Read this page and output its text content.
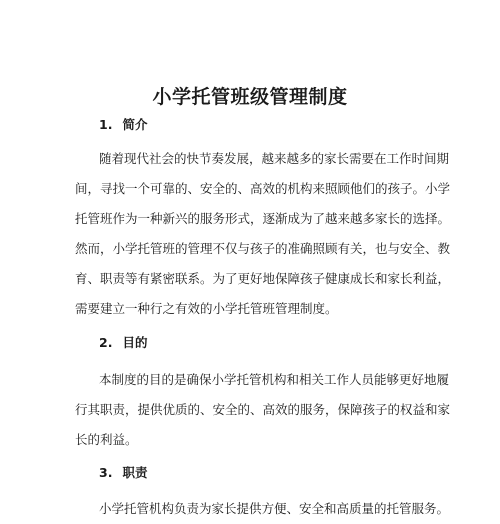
小学托管班级管理制度
1. 简介
随着现代社会的快节奏发展，越来越多的家长需要在工作时间期
间，寻找一个可靠的、安全的、高效的机构来照顾他们的孩子。小学
托管班作为一种新兴的服务形式，逐渐成为了越来越多家长的选择。
然而，小学托管班的管理不仅与孩子的准确照顾有关，也与安全、教
育、职责等有紧密联系。为了更好地保障孩子健康成长和家长利益，
需要建立一种行之有效的小学托管班管理制度。
2. 目的
本制度的目的是确保小学托管机构和相关工作人员能够更好地履
行其职责，提供优质的、安全的、高效的服务，保障孩子的权益和家
长的利益。
3. 职责
小学托管机构负责为家长提供方便、安全和高质量的托管服务。
